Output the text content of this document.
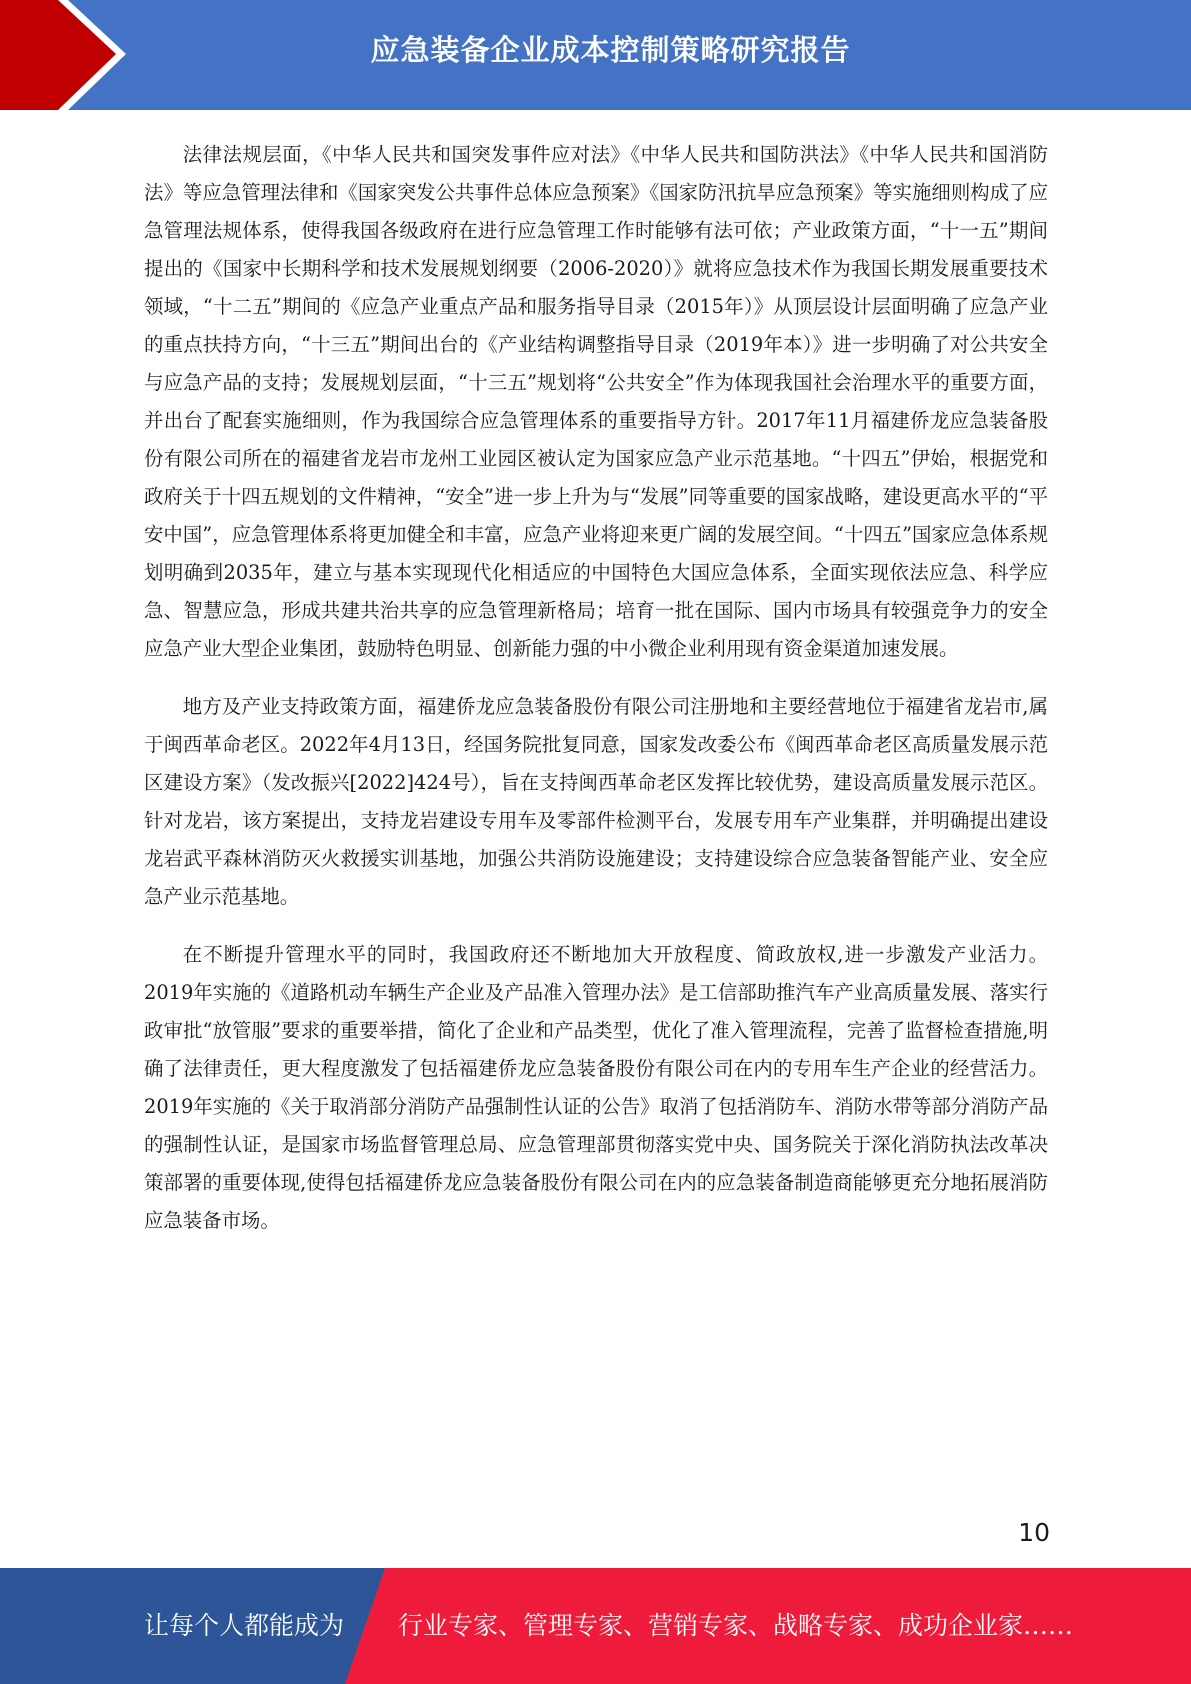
应急装备企业成本控制策略研究报告

法律法规层面，《中华人民共和国突发事件应对法》《中华人民共和国防洪法》《中华人民共和国消防法》等应急管理法律和《国家突发公共事件总体应急预案》《国家防汛抗旱应急预案》等实施细则构成了应急管理法规体系，使得我国各级政府在进行应急管理工作时能够有法可依；产业政策方面，“十一五”期间提出的《国家中长期科学和技术发展规划纲要（2006-2020）》就将应急技术作为我国长期发展重要技术领域，“十二五”期间的《应急产业重点产品和服务指导目录（2015年）》从顶层设计层面明确了应急产业的重点扶持方向，“十三五”期间出台的《产业结构调整指导目录（2019年本）》进一步明确了对公共安全与应急产品的支持；发展规划层面，“十三五”规划将“公共安全”作为体现我国社会治理水平的重要方面，并出台了配套实施细则，作为我国综合应急管理体系的重要指导方针。2017年11月福建侨龙应急装备股份有限公司所在的福建省龙岩市龙州工业园区被认定为国家应急产业示范基地。“十四五”伊始，根据党和政府关于十四五规划的文件精神，“安全”进一步上升为与“发展”同等重要的国家战略，建设更高水平的“平安中国”，应急管理体系将更加健全和丰富，应急产业将迎来更广阔的发展空间。“十四五”国家应急体系规划明确到2035年，建立与基本实现现代化相适应的中国特色大国应急体系，全面实现依法应急、科学应急、智慧应急，形成共建共治共享的应急管理新格局；培育一批在国际、国内市场具有较强竞争力的安全应急产业大型企业集团，鼓励特色明显、创新能力强的中小微企业利用现有资金渠道加速发展。

地方及产业支持政策方面，福建侨龙应急装备股份有限公司注册地和主要经营地位于福建省龙岩市,属于闽西革命老区。2022年4月13日，经国务院批复同意，国家发改委公布《闽西革命老区高质量发展示范区建设方案》（发改振兴[2022]424号），旨在支持闽西革命老区发挥比较优势，建设高质量发展示范区。针对龙岩，该方案提出，支持龙岩建设专用车及零部件检测平台，发展专用车产业集群，并明确提出建设龙岩武平森林消防灭火救援实训基地，加强公共消防设施建设；支持建设综合应急装备智能产业、安全应急产业示范基地。

在不断提升管理水平的同时，我国政府还不断地加大开放程度、简政放权,进一步激发产业活力。2019年实施的《道路机动车辆生产企业及产品准入管理办法》是工信部助推汽车产业高质量发展、落实行政审批“放管服”要求的重要举措，简化了企业和产品类型，优化了准入管理流程，完善了监督检查措施,明确了法律责任，更大程度激发了包括福建侨龙应急装备股份有限公司在内的专用车生产企业的经营活力。2019年实施的《关于取消部分消防产品强制性认证的公告》取消了包括消防车、消防水带等部分消防产品的强制性认证，是国家市场监督管理总局、应急管理部贯彻落实党中央、国务院关于深化消防执法改革决策部署的重要体现,使得包括福建侨龙应急装备股份有限公司在内的应急装备制造商能够更充分地拓展消防应急装备市场。

10
让每个人都能成为 行业专家、管理专家、营销专家、战略专家、成功企业家……
